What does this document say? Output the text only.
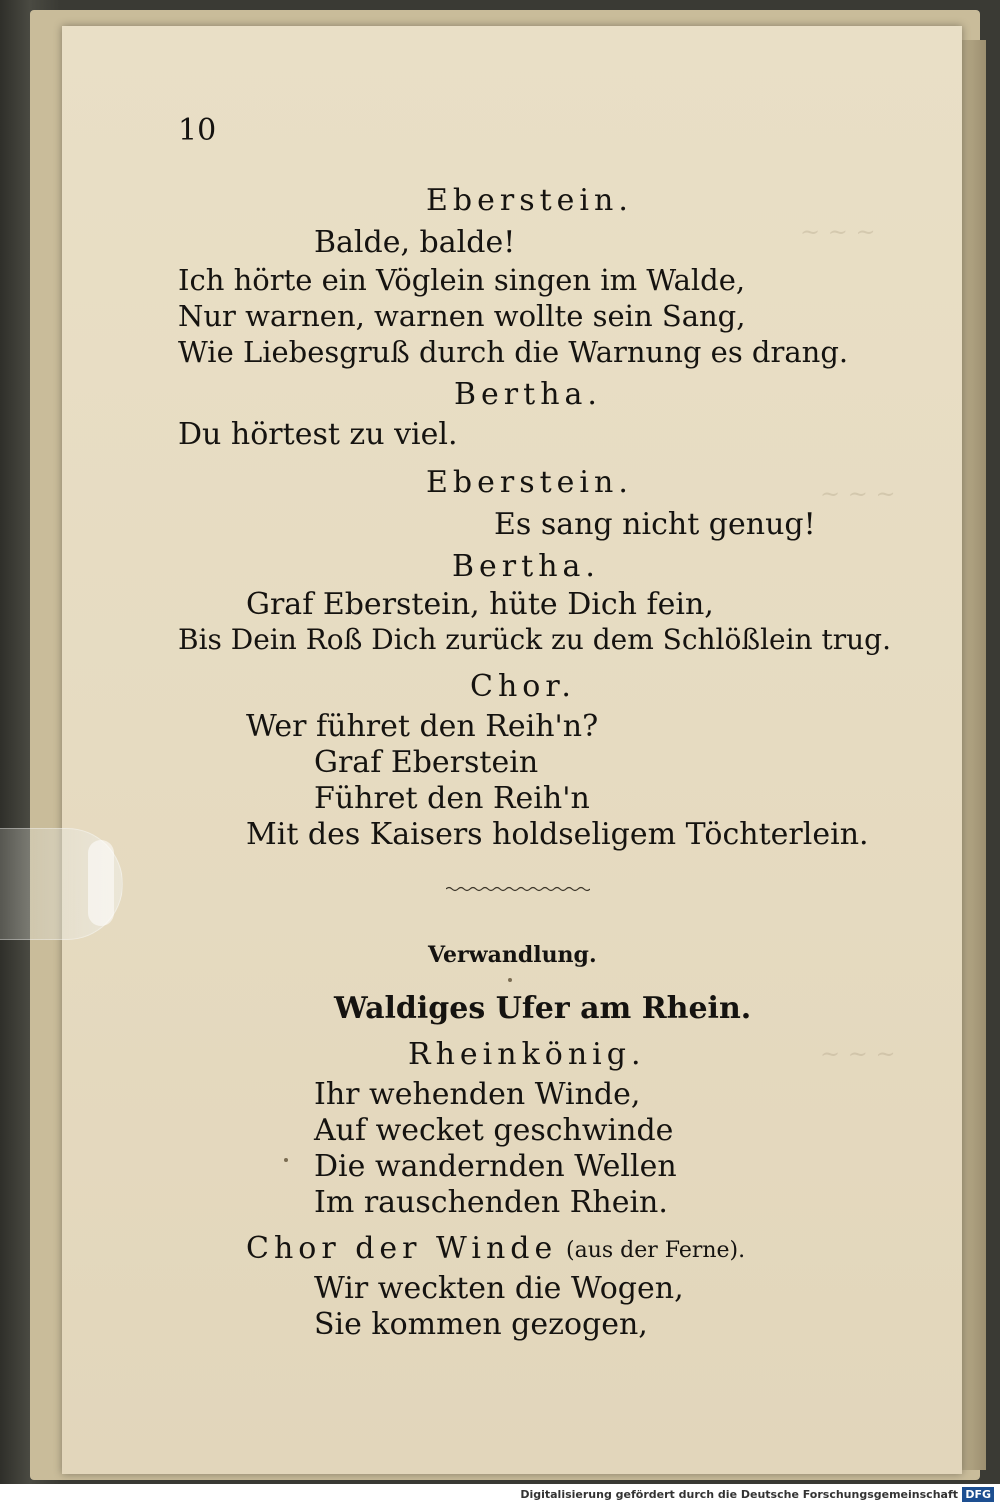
~ ~ ~
~ ~ ~
~ ~ ~
10
Eberstein.
Balde, balde!
Ich hörte ein Vöglein singen im Walde,
Nur warnen, warnen wollte sein Sang,
Wie Liebesgruß durch die Warnung es drang.
Bertha.
Du hörtest zu viel.
Eberstein.
Es sang nicht genug!
Bertha.
Graf Eberstein, hüte Dich fein,
Bis Dein Roß Dich zurück zu dem Schlößlein trug.
Chor.
Wer führet den Reih'n?
Graf Eberstein
Führet den Reih'n
Mit des Kaisers holdseligem Töchterlein.
Verwandlung.
Waldiges Ufer am Rhein.
Rheinkönig.
Ihr wehenden Winde,
Auf wecket geschwinde
Die wandernden Wellen
Im rauschenden Rhein.
Chor der Winde (aus der Ferne).
Wir weckten die Wogen,
Sie kommen gezogen,
Digitalisierung gefördert durch die Deutsche Forschungsgemeinschaft DFG
